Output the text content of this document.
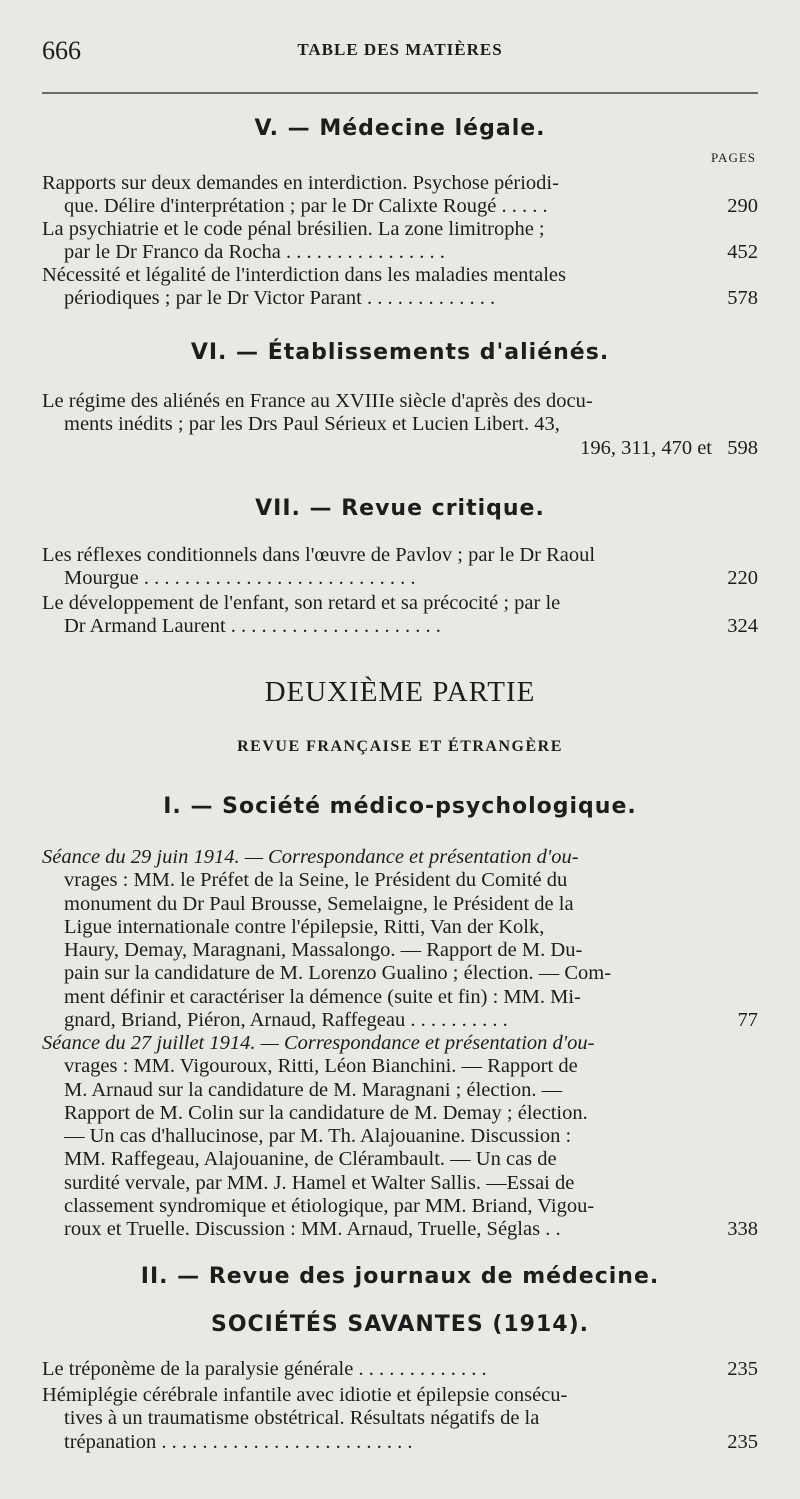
666	TABLE DES MATIÈRES
V. — Médecine légale.
PAGES
Rapports sur deux demandes en interdiction. Psychose périodi-
que. Délire d'interprétation ; par le Dr Calixte Rougé . . . . .	290
La psychiatrie et le code pénal brésilien. La zone limitrophe ;
par le Dr Franco da Rocha . . . . . . . . . . . . . . . .	452
Nécessité et légalité de l'interdiction dans les maladies mentales
périodiques ; par le Dr Victor Parant . . . . . . . . . . . . .	578
VI. — Établissements d'aliénés.
Le régime des aliénés en France au XVIIIe siècle d'après des docu-
ments inédits ; par les Drs Paul Sérieux et Lucien Libert. 43,
196, 311, 470 et 598
VII. — Revue critique.
Les réflexes conditionnels dans l'œuvre de Pavlov ; par le Dr Raoul
Mourgue . . . . . . . . . . . . . . . . . . . . . . . . . . .	220
Le développement de l'enfant, son retard et sa précocité ; par le
Dr Armand Laurent . . . . . . . . . . . . . . . . . . . . .	324
DEUXIÈME PARTIE
REVUE FRANÇAISE ET ÉTRANGÈRE
I. — Société médico-psychologique.
Séance du 29 juin 1914. — Correspondance et présentation d'ou-
vrages : MM. le Préfet de la Seine, le Président du Comité du
monument du Dr Paul Brousse, Semelaigne, le Président de la
Ligue internationale contre l'épilepsie, Ritti, Van der Kolk,
Haury, Demay, Maragnani, Massalongo. — Rapport de M. Du-
pain sur la candidature de M. Lorenzo Gualino ; élection. — Com-
ment définir et caractériser la démence (suite et fin) : MM. Mi-
gnard, Briand, Piéron, Arnaud, Raffegeau . . . . . . . . . .	77
Séance du 27 juillet 1914. — Correspondance et présentation d'ou-
vrages : MM. Vigouroux, Ritti, Léon Bianchini. — Rapport de
M. Arnaud sur la candidature de M. Maragnani ; élection. —
Rapport de M. Colin sur la candidature de M. Demay ; élection.
— Un cas d'hallucinose, par M. Th. Alajouanine. Discussion :
MM. Raffegeau, Alajouanine, de Clérambault. — Un cas de
surdité vervale, par MM. J. Hamel et Walter Sallis. —Essai de
classement syndromique et étiologique, par MM. Briand, Vigou-
roux et Truelle. Discussion : MM. Arnaud, Truelle, Séglas . .	338
II. — Revue des journaux de médecine.
SOCIÉTÉS SAVANTES (1914).
Le tréponème de la paralysie générale . . . . . . . . . . . . .	235
Hémiplégie cérébrale infantile avec idiotie et épilepsie consécu-
tives à un traumatisme obstétrical. Résultats négatifs de la
trépanation . . . . . . . . . . . . . . . . . . . . . . . . .	235
